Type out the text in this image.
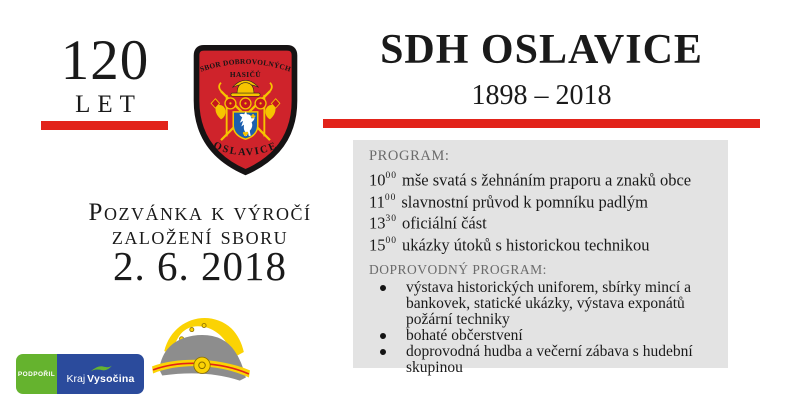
120
LET
SBOR DOBROVOLNÝCH
HASIČŮ
OSLAVICE
SDH OSLAVICE
1898 – 2018
PROGRAM:
$10^{00}$ mše svatá s žehnáním praporu a znaků obce
$11^{00}$ slavnostní průvod k pomníku padlým
$13^{30}$ oficiální část
$15^{00}$ ukázky útoků s historickou technikou
DOPROVODNÝ PROGRAM:
výstava historických uniforem, sbírky mincí a bankovek, statické ukázky, výstava exponátů požární techniky
bohaté občerstvení
doprovodná hudba a večerní zábava s hudební skupinou
Pozvánka k výročí
založení sboru
2. 6. 2018
PODPOŘIL Kraj Vysočina
